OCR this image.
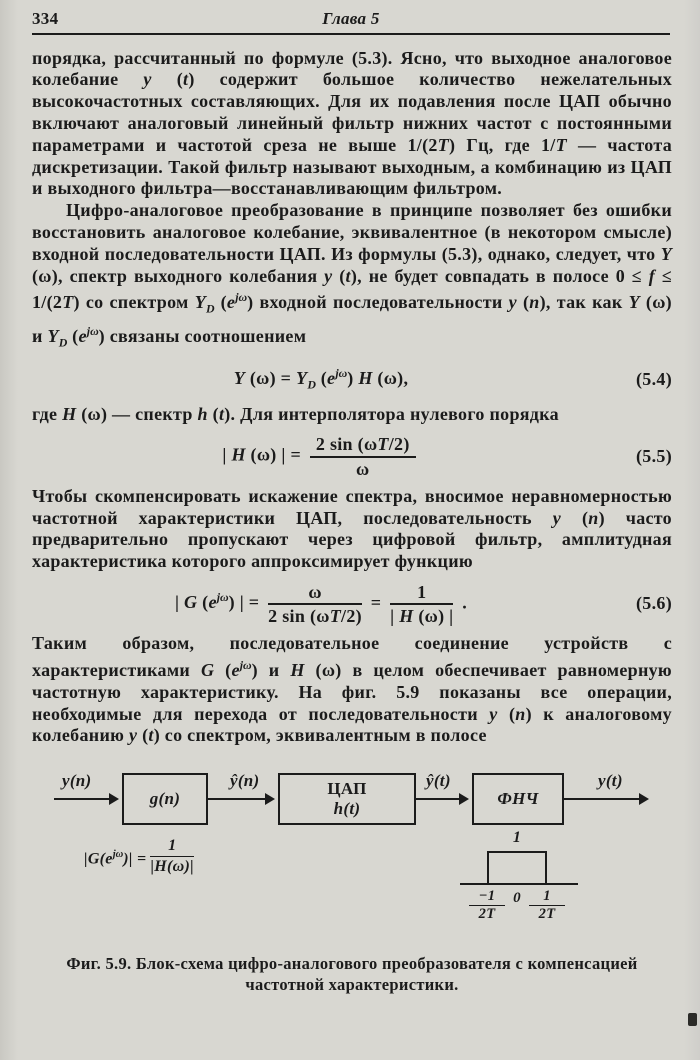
334	Глава 5

порядка, рассчитанный по формуле (5.3). Ясно, что выходное аналоговое колебание y (t) содержит большое количество нежелательных высокочастотных составляющих. Для их подавления после ЦАП обычно включают аналоговый линейный фильтр нижних частот с постоянными параметрами и частотой среза не выше 1/(2T) Гц, где 1/T — частота дискретизации. Такой фильтр называют выходным, а комбинацию из ЦАП и выходного фильтра—восстанавливающим фильтром.

Цифро-аналоговое преобразование в принципе позволяет без ошибки восстановить аналоговое колебание, эквивалентное (в некотором смысле) входной последовательности ЦАП. Из формулы (5.3), однако, следует, что Y (ω), спектр выходного колебания y (t), не будет совпадать в полосе 0 ≤ f ≤ 1/(2T) со спектром $Y_D$ $(e^{j\omega})$ входной последовательности y (n), так как Y (ω) и $Y_D$ $(e^{j\omega})$ связаны соотношением

Y $(\omega) = Y_D$ $(e^{j\omega})$ H (ω),	(5.4)

где H (ω) — спектр h (t). Для интерполятора нулевого порядка

| H (ω) | = $\frac{2 \sin (\omega T/2)}{\omega}$	(5.5)

Чтобы скомпенсировать искажение спектра, вносимое неравномерностью частотной характеристики ЦАП, последовательность y (n) часто предварительно пропускают через цифровой фильтр, амплитудная характеристика которого аппроксимирует функцию

| G $(e^{j\omega})$ | = $\frac{\omega}{2 \sin (\omega T/2)} = \frac{1}{| H (\omega) |}$ .	(5.6)

Таким образом, последовательное соединение устройств с характеристиками G $(e^{j\omega})$ и H (ω) в целом обеспечивает равномерную частотную характеристику. На фиг. 5.9 показаны все операции, необходимые для перехода от последовательности y (n) к аналоговому колебанию y (t) со спектром, эквивалентным в полосе

y(n)
g(n)
ŷ(n)	ЦАП
h(t)
ŷ(t)
ФНЧ
y(t)
$|G(e^{j\omega})| = \frac{1}{|H(\omega)|}$	1
$\frac{-1}{2T} 0 \frac{1}{2T}$
Фиг. 5.9. Блок-схема цифро-аналогового преобразователя с компенсацией частотной характеристики.
